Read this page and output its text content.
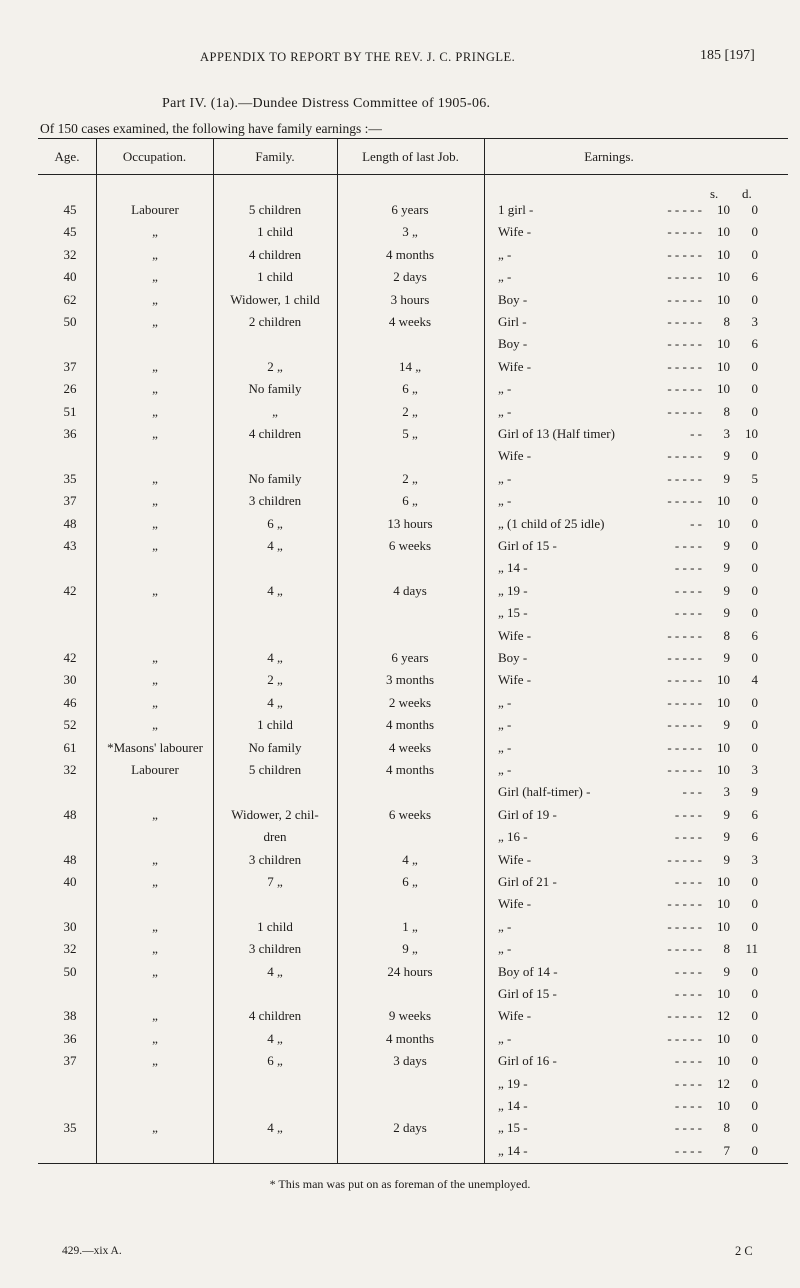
APPENDIX TO REPORT BY THE REV. J. C. PRINGLE.	185 [197]
Part IV. (1a).—Dundee Distress Committee of 1905-06.
Of 150 cases examined, the following have family earnings :—
Age.	Occupation.	Family.	Length of last Job.	Earnings.
s. d.
45	Labourer	5 children	6 years	1 girl -	10	0
- - - - -
45	„	1 child	3 „	Wife -	10	0
- - - - -
32	„	4 children	4 months	„ -	10	0
- - - - -
40	„	1 child	2 days	„ -	10	6
- - - - -
62	„	Widower, 1 child	3 hours	Boy -	10	0
- - - - -
50	„	2 children	4 weeks	Girl -	8	3
- - - - -
Boy -	10	6
- - - - -
37	„	2 „	14 „	Wife -	10	0
- - - - -
26	„	No family	6 „	„ -	10	0
- - - - -
51	„	„	2 „	„ -	8	0
- - - - -
36	„	4 children	5 „	Girl of 13 (Half timer)	3	10
- -
Wife -	9	0
- - - - -
35	„	No family	2 „	„ -	9	5
- - - - -
37	„	3 children	6 „	„ -	10	0
- - - - -
48	„	6 „	13 hours	„ (1 child of 25 idle)	10	0
- -
43	„	4 „	6 weeks	Girl of 15 -	9	0
- - - -
„ 14 -	9	0
- - - -
42	„	4 „	4 days	„ 19 -	9	0
- - - -
„ 15 -	9	0
- - - -
Wife -	8	6
- - - - -
42	„	4 „	6 years	Boy -	9	0
- - - - -
30	„	2 „	3 months	Wife -	10	4
- - - - -
46	„	4 „	2 weeks	„ -	10	0
- - - - -
52	„	1 child	4 months	„ -	9	0
- - - - -
61	*Masons' labourer	No family	4 weeks	„ -	10	0
- - - - -
32	Labourer	5 children	4 months	„ -	10	3
- - - - -
Girl (half-timer) -	3	9
- - -
48	„	Widower, 2 chil-	6 weeks	Girl of 19 -	9	6
- - - -
dren	„ 16 -	9	6
- - - -
48	„	3 children	4 „	Wife -	9	3
- - - - -
40	„	7 „	6 „	Girl of 21 -	10	0
- - - -
Wife -	10	0
- - - - -
30	„	1 child	1 „	„ -	10	0
- - - - -
32	„	3 children	9 „	„ -	8	11
- - - - -
50	„	4 „	24 hours	Boy of 14 -	9	0
- - - -
Girl of 15 -	10	0
- - - -
38	„	4 children	9 weeks	Wife -	12	0
- - - - -
36	„	4 „	4 months	„ -	10	0
- - - - -
37	„	6 „	3 days	Girl of 16 -	10	0
- - - -
„ 19 -	12	0
- - - -
„ 14 -	10	0
- - - -
35	„	4 „	2 days	„ 15 -	8	0
- - - -
„ 14 -	7	0
- - - -
* This man was put on as foreman of the unemployed.
429.—xix A.	2 C
